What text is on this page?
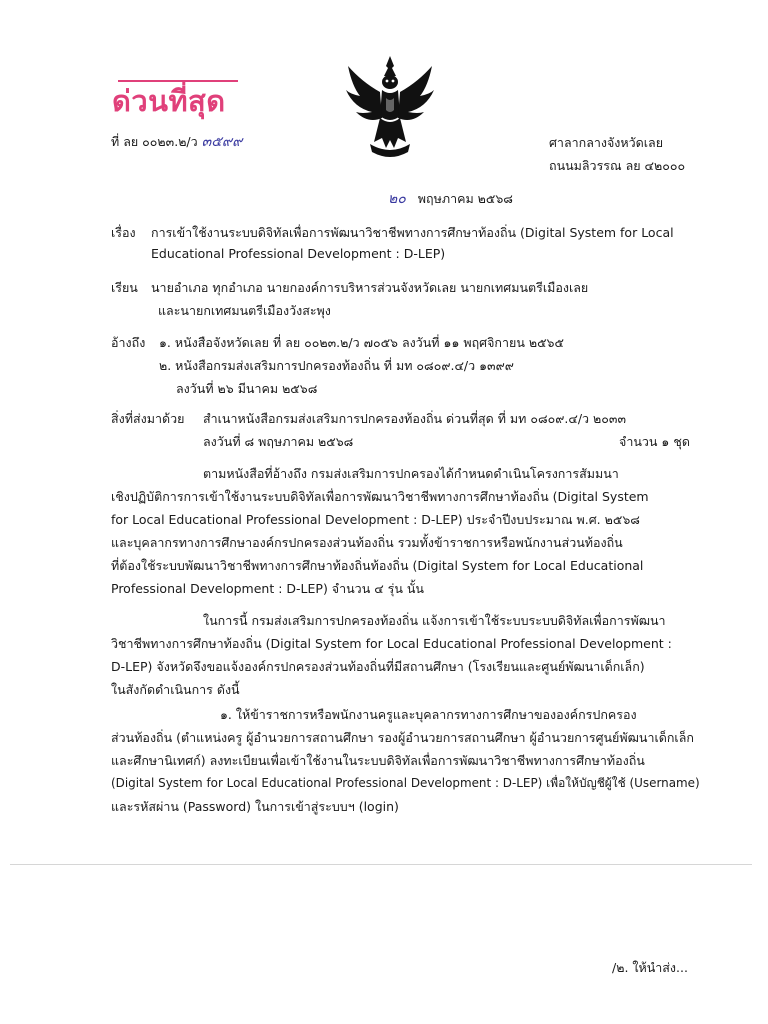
ด่วนที่สุด
ที่ ลย ๐๐๒๓.๒/ว ๓๕๙๙	ศาลากลางจังหวัดเลย
ถนนมลิวรรณ ลย ๔๒๐๐๐
๒๐ พฤษภาคม ๒๕๖๘
เรื่อง การเข้าใช้งานระบบดิจิทัลเพื่อการพัฒนาวิชาชีพทางการศึกษาท้องถิ่น (Digital System for Local
Educational Professional Development : D-LEP)
เรียน นายอำเภอ ทุกอำเภอ นายกองค์การบริหารส่วนจังหวัดเลย นายกเทศมนตรีเมืองเลย
และนายกเทศมนตรีเมืองวังสะพุง
อ้างถึง ๑. หนังสือจังหวัดเลย ที่ ลย ๐๐๒๓.๒/ว ๗๐๕๖ ลงวันที่ ๑๑ พฤศจิกายน ๒๕๖๕
๒. หนังสือกรมส่งเสริมการปกครองท้องถิ่น ที่ มท ๐๘๐๙.๔/ว ๑๓๙๙
ลงวันที่ ๒๖ มีนาคม ๒๕๖๘
สิ่งที่ส่งมาด้วย สำเนาหนังสือกรมส่งเสริมการปกครองท้องถิ่น ด่วนที่สุด ที่ มท ๐๘๐๙.๔/ว ๒๐๓๓
ลงวันที่ ๘ พฤษภาคม ๒๕๖๘	จำนวน ๑ ชุด
ตามหนังสือที่อ้างถึง กรมส่งเสริมการปกครองได้กำหนดดำเนินโครงการสัมมนา
เชิงปฏิบัติการการเข้าใช้งานระบบดิจิทัลเพื่อการพัฒนาวิชาชีพทางการศึกษาท้องถิ่น (Digital System
for Local Educational Professional Development : D-LEP) ประจำปีงบประมาณ พ.ศ. ๒๕๖๘
และบุคลากรทางการศึกษาองค์กรปกครองส่วนท้องถิ่น รวมทั้งข้าราชการหรือพนักงานส่วนท้องถิ่น
ที่ต้องใช้ระบบพัฒนาวิชาชีพทางการศึกษาท้องถิ่นท้องถิ่น (Digital System for Local Educational
Professional Development : D-LEP) จำนวน ๔ รุ่น นั้น
ในการนี้ กรมส่งเสริมการปกครองท้องถิ่น แจ้งการเข้าใช้ระบบระบบดิจิทัลเพื่อการพัฒนา
วิชาชีพทางการศึกษาท้องถิ่น (Digital System for Local Educational Professional Development :
D-LEP) จังหวัดจึงขอแจ้งองค์กรปกครองส่วนท้องถิ่นที่มีสถานศึกษา (โรงเรียนและศูนย์พัฒนาเด็กเล็ก)
ในสังกัดดำเนินการ ดังนี้
๑. ให้ข้าราชการหรือพนักงานครูและบุคลากรทางการศึกษาขององค์กรปกครอง
ส่วนท้องถิ่น (ตำแหน่งครู ผู้อำนวยการสถานศึกษา รองผู้อำนวยการสถานศึกษา ผู้อำนวยการศูนย์พัฒนาเด็กเล็ก
และศึกษานิเทศก์) ลงทะเบียนเพื่อเข้าใช้งานในระบบดิจิทัลเพื่อการพัฒนาวิชาชีพทางการศึกษาท้องถิ่น
(Digital System for Local Educational Professional Development : D-LEP) เพื่อให้บัญชีผู้ใช้ (Username)
และรหัสผ่าน (Password) ในการเข้าสู่ระบบฯ (login)
/๒. ให้นำส่ง...
